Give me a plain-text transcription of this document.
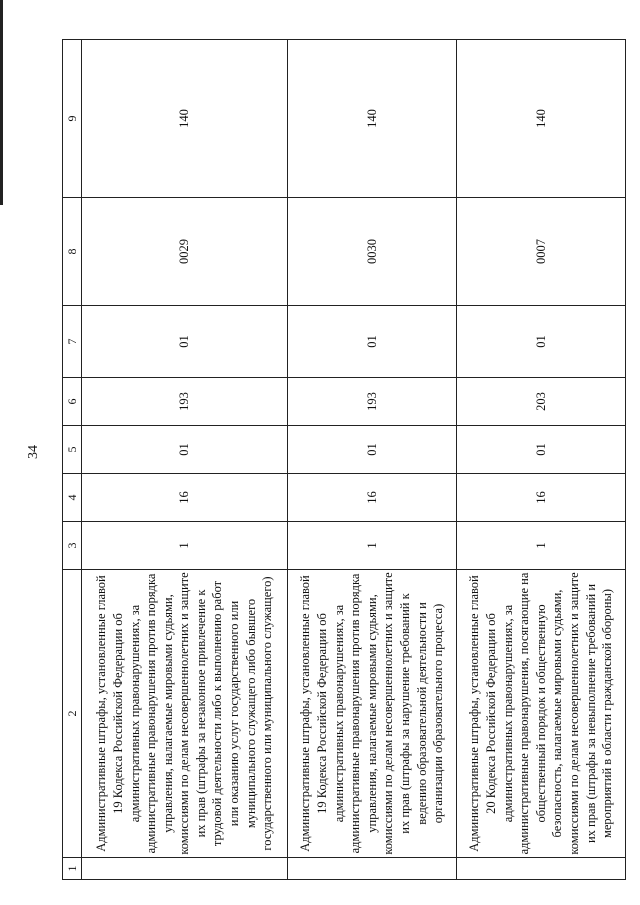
34
1	2	3	4	5	6	7	8	9
	Административные штрафы, установленные главой 19 Кодекса Российской Федерации об административных правонарушениях, за административные правонарушения против порядка управления, налагаемые мировыми судьями, комиссиями по делам несовершеннолетних и защите их прав (штрафы за незаконное привлечение к трудовой деятельности либо к выполнению работ или оказанию услуг государственного или муниципального служащего либо бывшего государственного или муниципального служащего)	1	16	01	193	01	0029	140
	Административные штрафы, установленные главой 19 Кодекса Российской Федерации об административных правонарушениях, за административные правонарушения против порядка управления, налагаемые мировыми судьями, комиссиями по делам несовершеннолетних и защите их прав (штрафы за нарушение требований к ведению образовательной деятельности и организации образовательного процесса)	1	16	01	193	01	0030	140
	Административные штрафы, установленные главой 20 Кодекса Российской Федерации об административных правонарушениях, за административные правонарушения, посягающие на общественный порядок и общественную безопасность, налагаемые мировыми судьями, комиссиями по делам несовершеннолетних и защите их прав (штрафы за невыполнение требований и мероприятий в области гражданской обороны)	1	16	01	203	01	0007	140
